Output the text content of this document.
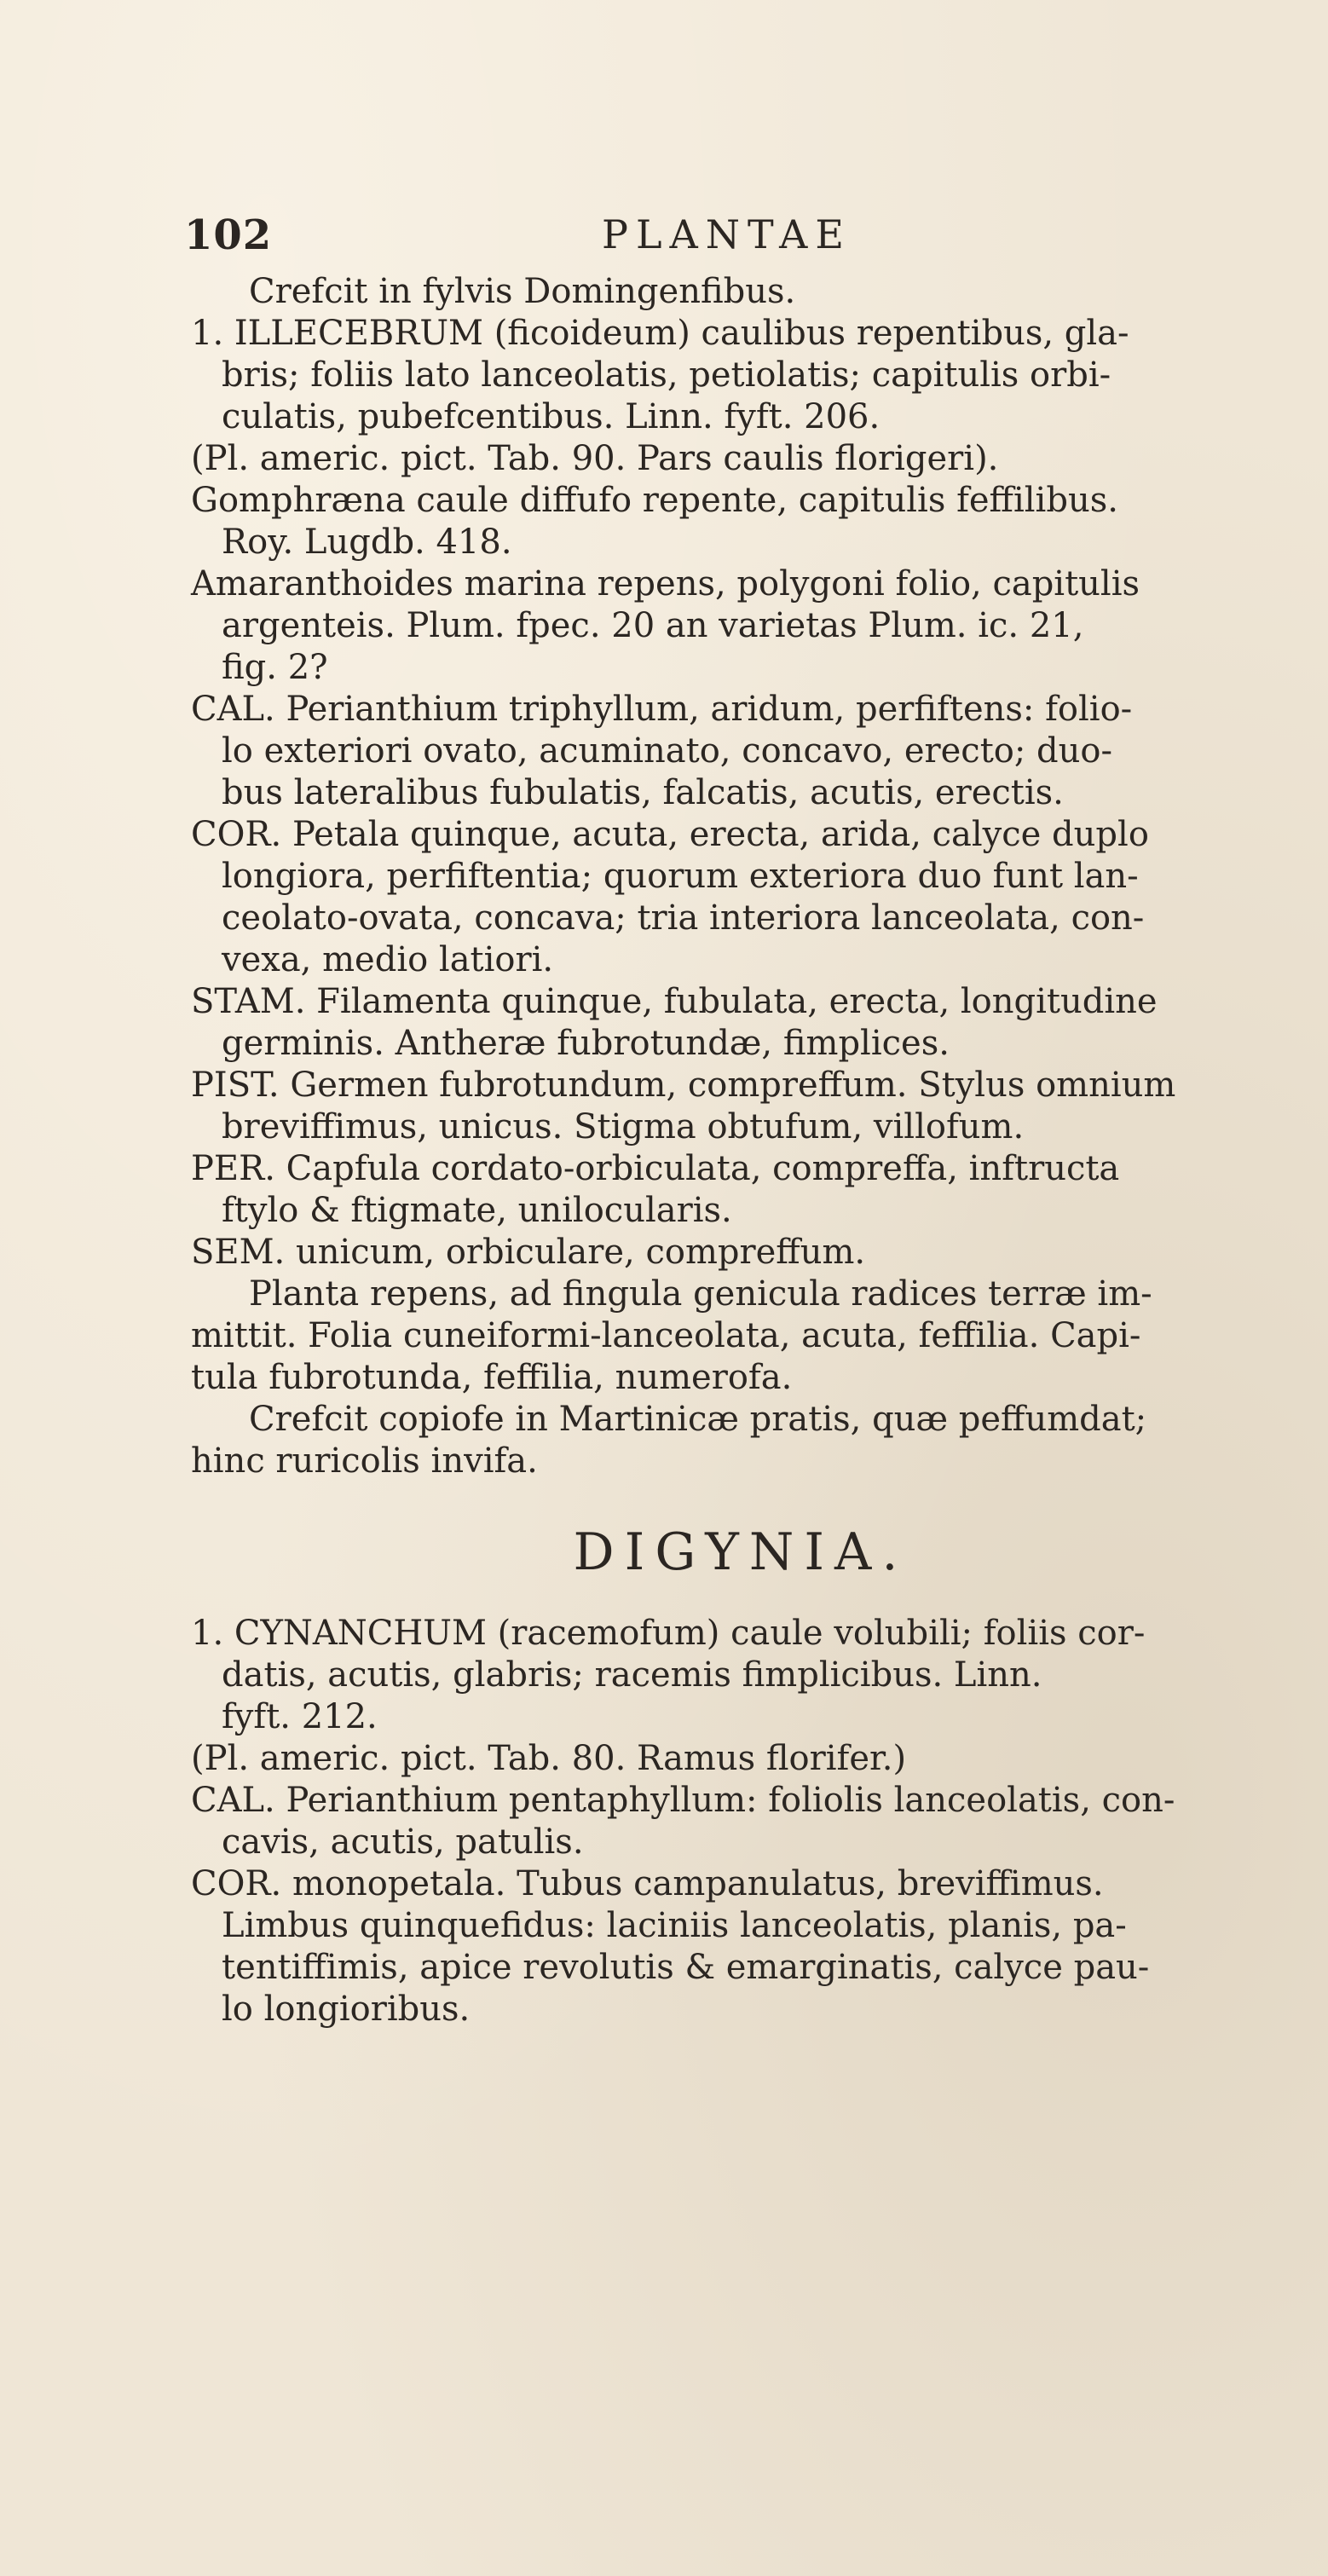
102	PLANTAE

Crefcit in fylvis Domingenfibus.

1. ILLECEBRUM (ficoideum) caulibus repentibus, gla-

bris; foliis lato lanceolatis, petiolatis; capitulis orbi-

culatis, pubefcentibus. Linn. fyft. 206.

(Pl. americ. pict. Tab. 90. Pars caulis florigeri).

Gomphræna caule diffufo repente, capitulis feffilibus.

Roy. Lugdb. 418.

Amaranthoides marina repens, polygoni folio, capitulis

argenteis. Plum. fpec. 20 an varietas Plum. ic. 21,

fig. 2?

CAL. Perianthium triphyllum, aridum, perfiftens: folio-

lo exteriori ovato, acuminato, concavo, erecto; duo-

bus lateralibus fubulatis, falcatis, acutis, erectis.

COR. Petala quinque, acuta, erecta, arida, calyce duplo

longiora, perfiftentia; quorum exteriora duo funt lan-

ceolato-ovata, concava; tria interiora lanceolata, con-

vexa, medio latiori.

STAM. Filamenta quinque, fubulata, erecta, longitudine

germinis. Antheræ fubrotundæ, fimplices.

PIST. Germen fubrotundum, compreffum. Stylus omnium

breviffimus, unicus. Stigma obtufum, villofum.

PER. Capfula cordato-orbiculata, compreffa, inftructa

ftylo & ftigmate, unilocularis.

SEM. unicum, orbiculare, compreffum.

Planta repens, ad fingula genicula radices terræ im-

mittit. Folia cuneiformi-lanceolata, acuta, feffilia. Capi-

tula fubrotunda, feffilia, numerofa.

Crefcit copiofe in Martinicæ pratis, quæ peffumdat;

hinc ruricolis invifa.

DIGYNIA.

1. CYNANCHUM (racemofum) caule volubili; foliis cor-

datis, acutis, glabris; racemis fimplicibus. Linn.

fyft. 212.

(Pl. americ. pict. Tab. 80. Ramus florifer.)

CAL. Perianthium pentaphyllum: foliolis lanceolatis, con-

cavis, acutis, patulis.

COR. monopetala. Tubus campanulatus, breviffimus.

Limbus quinquefidus: laciniis lanceolatis, planis, pa-

tentiffimis, apice revolutis & emarginatis, calyce pau-

lo longioribus.
